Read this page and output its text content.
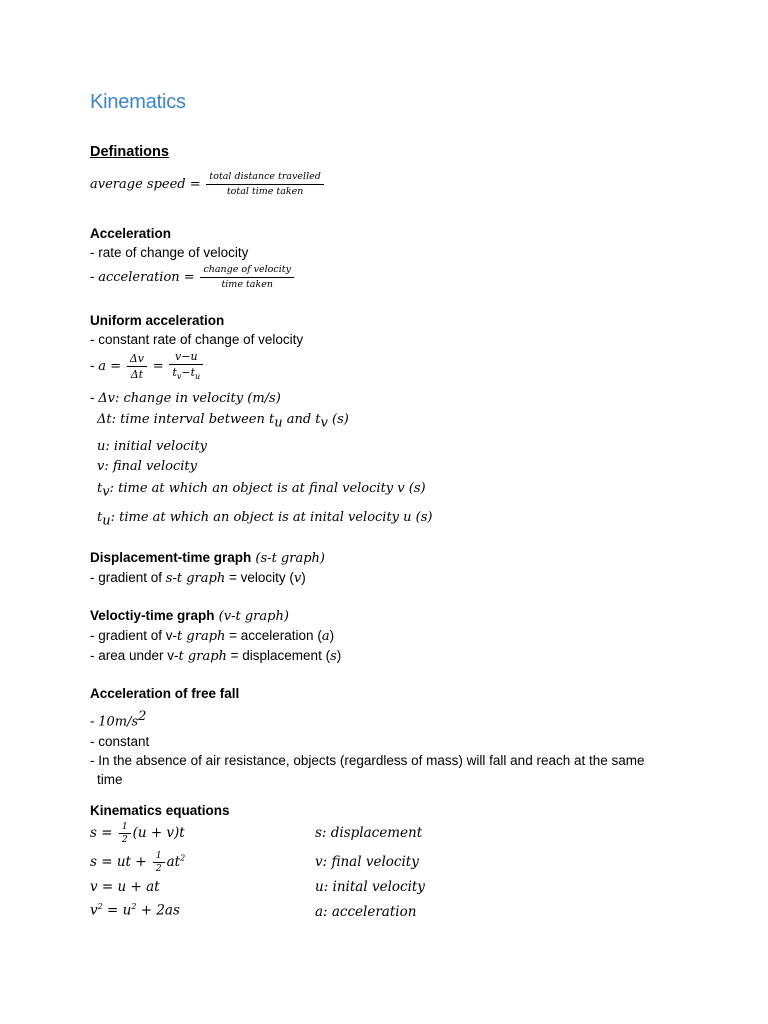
Kinematics
Definations
average speed = $\frac{\text{total distance travelled}}{\text{total time taken}}$
Acceleration
- rate of change of velocity
- acceleration = $\frac{\text{change of velocity}}{\text{time taken}}$
Uniform acceleration
- constant rate of change of velocity
- $a = \frac{\Delta v}{\Delta t} = \frac{v-u}{t_v-t_u}$
- Δv: change in velocity (m/s)
Δt: time interval between $t_u$ and $t_v$ (s)
u: initial velocity
v: final velocity
$t_v$: time at which an object is at final velocity v (s)
$t_u$: time at which an object is at inital velocity u (s)
Displacement-time graph (s-t graph)
- gradient of s-t graph = velocity (v)
Veloctiy-time graph (v-t graph)
- gradient of v-t graph = acceleration (a)
- area under v-t graph = displacement (s)
Acceleration of free fall
- $10m/s^2$
- constant
- In the absence of air resistance, objects (regardless of mass) will fall and reach at the same
time
Kinematics equations
$s = \frac{1}{2} (u + v)t$	s: displacement
s = ut + $\frac{1}{2} at^2$	v: final velocity
v = u + at	u: inital velocity
$v^2 = u^2 + 2as$	a: acceleration
